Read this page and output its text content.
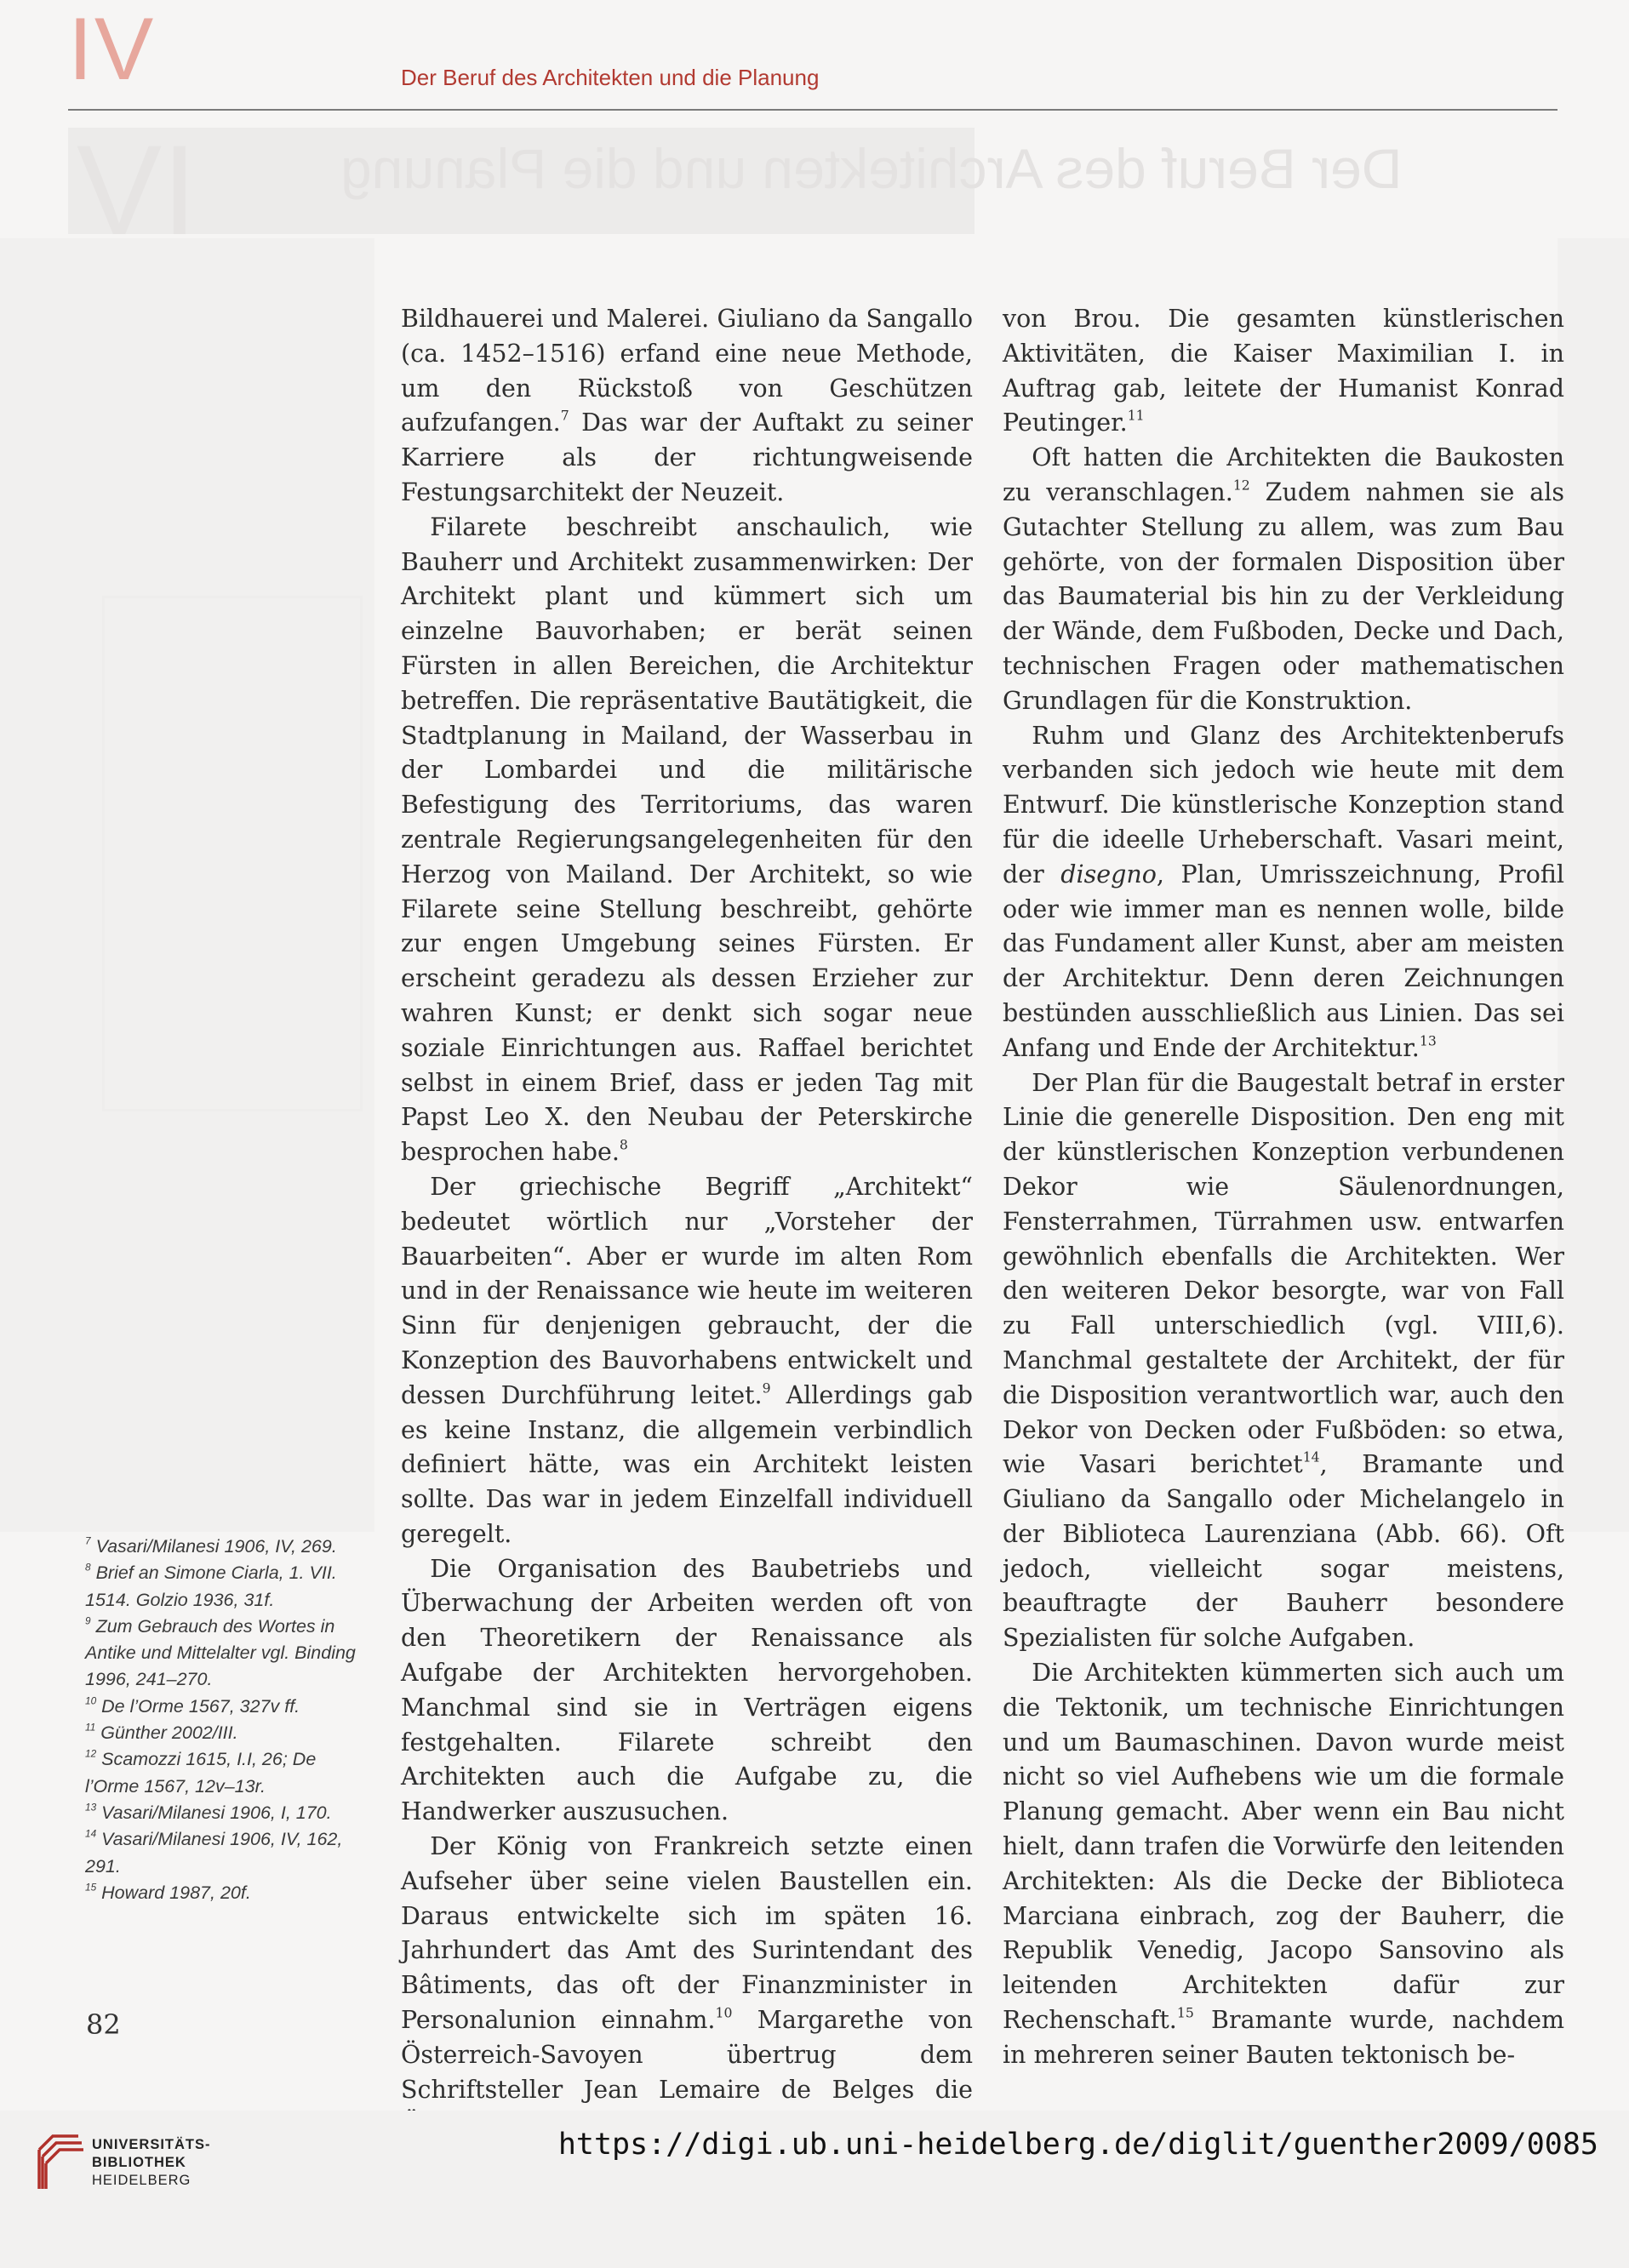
IV	Der Beruf des Architekten und die Planung
IV	Der Beruf des Architekten und die Planung

Bildhauerei und Malerei. Giuliano da Sangallo (ca. 1452–1516) erfand eine neue Methode, um den Rückstoß von Geschützen aufzufangen.$^7$ Das war der Auftakt zu seiner Karriere als der richtungweisende Festungsarchitekt der Neuzeit.

Filarete beschreibt anschaulich, wie Bauherr und Architekt zusammenwirken: Der Architekt plant und kümmert sich um einzelne Bauvorhaben; er berät seinen Fürsten in allen Bereichen, die Architektur betreffen. Die repräsentative Bautätigkeit, die Stadtplanung in Mailand, der Wasserbau in der Lombardei und die militärische Befestigung des Territoriums, das waren zentrale Regierungsangelegenheiten für den Herzog von Mailand. Der Architekt, so wie Filarete seine Stellung beschreibt, gehörte zur engen Umgebung seines Fürsten. Er erscheint geradezu als dessen Erzieher zur wahren Kunst; er denkt sich sogar neue soziale Einrichtungen aus. Raffael berichtet selbst in einem Brief, dass er jeden Tag mit Papst Leo X. den Neubau der Peterskirche besprochen habe.$^8$

Der griechische Begriff „Architekt“ bedeutet wörtlich nur „Vorsteher der Bauarbeiten“. Aber er wurde im alten Rom und in der Renaissance wie heute im weiteren Sinn für denjenigen gebraucht, der die Konzeption des Bauvorhabens entwickelt und dessen Durchführung leitet.$^9$ Allerdings gab es keine Instanz, die allgemein verbindlich definiert hätte, was ein Architekt leisten sollte. Das war in jedem Einzelfall individuell geregelt.

Die Organisation des Baubetriebs und Überwachung der Arbeiten werden oft von den Theoretikern der Renaissance als Aufgabe der Architekten hervorgehoben. Manchmal sind sie in Verträgen eigens festgehalten. Filarete schreibt den Architekten auch die Aufgabe zu, die Handwerker auszusuchen.

Der König von Frankreich setzte einen Aufseher über seine vielen Baustellen ein. Daraus entwickelte sich im späten 16. Jahrhundert das Amt des Surintendant des Bâtiments, das oft der Finanzminister in Personalunion einnahm.$^{10}$ Margarethe von Österreich-Savoyen übertrug dem Schriftsteller Jean Lemaire de Belges die

von Brou. Die gesamten künstlerischen Aktivitäten, die Kaiser Maximilian I. in Auftrag gab, leitete der Humanist Konrad Peutinger.$^{11}$

Oft hatten die Architekten die Baukosten zu veranschlagen.$^{12}$ Zudem nahmen sie als Gutachter Stellung zu allem, was zum Bau gehörte, von der formalen Disposition über das Baumaterial bis hin zu der Verkleidung der Wände, dem Fußboden, Decke und Dach, technischen Fragen oder mathematischen Grundlagen für die Konstruktion.

Ruhm und Glanz des Architektenberufs verbanden sich jedoch wie heute mit dem Entwurf. Die künstlerische Konzeption stand für die ideelle Urheberschaft. Vasari meint, der disegno, Plan, Umrisszeichnung, Profil oder wie immer man es nennen wolle, bilde das Fundament aller Kunst, aber am meisten der Architektur. Denn deren Zeichnungen bestünden ausschließlich aus Linien. Das sei Anfang und Ende der Architektur.$^{13}$

Der Plan für die Baugestalt betraf in erster Linie die generelle Disposition. Den eng mit der künstlerischen Konzeption verbundenen Dekor wie Säulenordnungen, Fensterrahmen, Türrahmen usw. entwarfen gewöhnlich ebenfalls die Architekten. Wer den weiteren Dekor besorgte, war von Fall zu Fall unterschiedlich (vgl. VIII,6). Manchmal gestaltete der Architekt, der für die Disposition verantwortlich war, auch den Dekor von Decken oder Fußböden: so etwa, wie Vasari berichtet$^{14}$, Bramante und Giuliano da Sangallo oder Michelangelo in der Biblioteca Laurenziana (Abb. 66). Oft jedoch, vielleicht sogar meistens, beauftragte der Bauherr besondere Spezialisten für solche Aufgaben.

Die Architekten kümmerten sich auch um die Tektonik, um technische Einrichtungen und um Baumaschinen. Davon wurde meist nicht so viel Aufhebens wie um die formale Planung gemacht. Aber wenn ein Bau nicht hielt, dann trafen die Vorwürfe den leitenden Architekten: Als die Decke der Biblioteca Marciana einbrach, zog der Bauherr, die Republik Venedig, Jacopo Sansovino als leitenden Architekten dafür zur Rechenschaft.$^{15}$ Bramante wurde, nachdem in mehreren seiner Bauten tektonisch be-

$^7$ Vasari/Milanesi 1906, IV, 269.
$^8$ Brief an Simone Ciarla, 1. VII. 1514. Golzio 1936, 31f.
$^9$ Zum Gebrauch des Wortes in Antike und Mittelalter vgl. Binding 1996, 241–270.
$^{10}$ De l’Orme 1567, 327v ff.
$^{11}$ Günther 2002/III.
$^{12}$ Scamozzi 1615, I.I, 26; De l’Orme 1567, 12v–13r.
$^{13}$ Vasari/Milanesi 1906, I, 170.
$^{14}$ Vasari/Milanesi 1906, IV, 162, 291.
$^{15}$ Howard 1987, 20f.
82
UNIVERSITÄTS-
BIBLIOTHEK
HEIDELBERG
https://digi.ub.uni-heidelberg.de/diglit/guenther2009/0085
